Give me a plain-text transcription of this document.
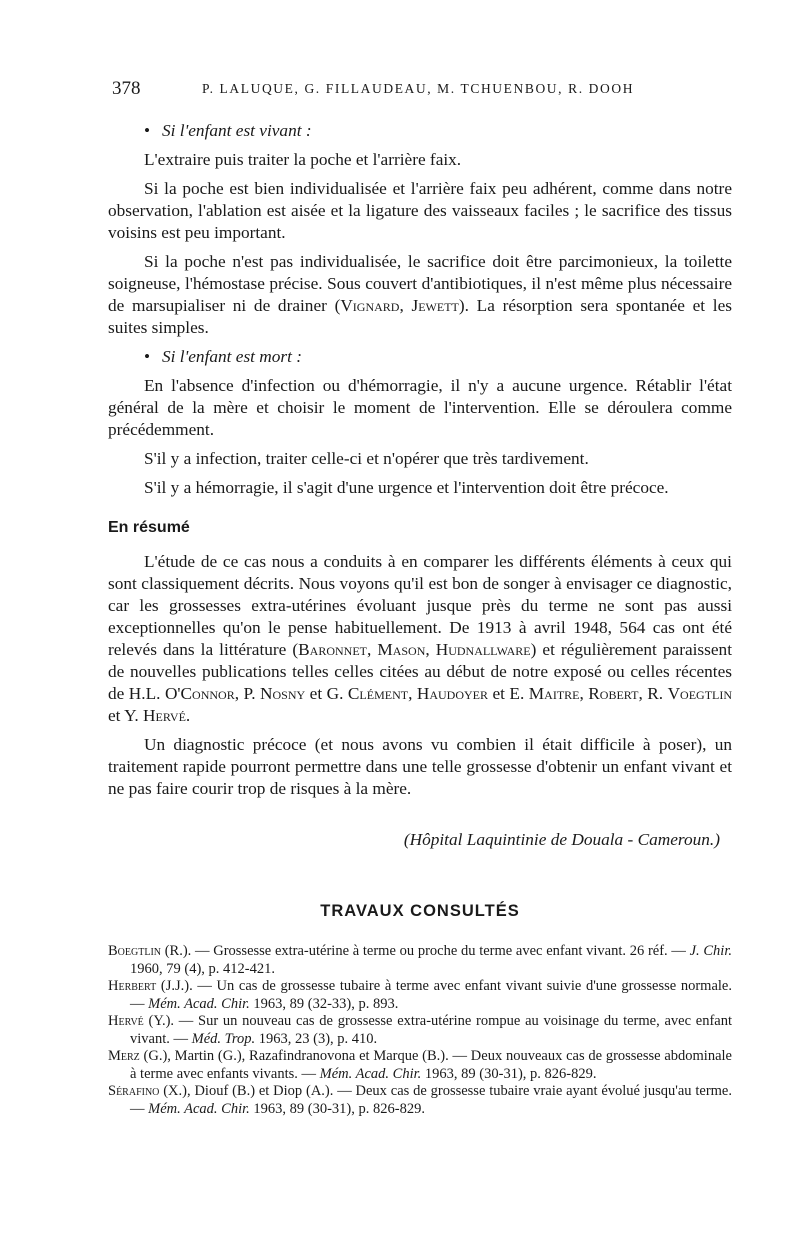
378	P. LALUQUE, G. FILLAUDEAU, M. TCHUENBOU, R. DOOH
• Si l'enfant est vivant :

L'extraire puis traiter la poche et l'arrière faix.

Si la poche est bien individualisée et l'arrière faix peu adhérent, comme dans notre observation, l'ablation est aisée et la ligature des vaisseaux faciles ; le sacrifice des tissus voisins est peu important.

Si la poche n'est pas individualisée, le sacrifice doit être parcimonieux, la toilette soigneuse, l'hémostase précise. Sous couvert d'antibiotiques, il n'est même plus nécessaire de marsupialiser ni de drainer (Vignard, Jewett). La résorption sera spontanée et les suites simples.

• Si l'enfant est mort :

En l'absence d'infection ou d'hémorragie, il n'y a aucune urgence. Rétablir l'état général de la mère et choisir le moment de l'intervention. Elle se déroulera comme précédemment.

S'il y a infection, traiter celle-ci et n'opérer que très tardivement.

S'il y a hémorragie, il s'agit d'une urgence et l'intervention doit être précoce.

En résumé

L'étude de ce cas nous a conduits à en comparer les différents éléments à ceux qui sont classiquement décrits. Nous voyons qu'il est bon de songer à envisager ce diagnostic, car les grossesses extra-utérines évoluant jusque près du terme ne sont pas aussi exceptionnelles qu'on le pense habituellement. De 1913 à avril 1948, 564 cas ont été relevés dans la littérature (Baronnet, Mason, Hudnallware) et régulièrement paraissent de nouvelles publications telles celles citées au début de notre exposé ou celles récentes de H.L. O'Connor, P. Nosny et G. Clément, Haudoyer et E. Maitre, Robert, R. Voegtlin et Y. Hervé.

Un diagnostic précoce (et nous avons vu combien il était difficile à poser), un traitement rapide pourront permettre dans une telle grossesse d'obtenir un enfant vivant et ne pas faire courir trop de risques à la mère.

(Hôpital Laquintinie de Douala - Cameroun.)
TRAVAUX CONSULTÉS

Boegtlin (R.). — Grossesse extra-utérine à terme ou proche du terme avec enfant vivant. 26 réf. — J. Chir. 1960, 79 (4), p. 412-421.

Herbert (J.J.). — Un cas de grossesse tubaire à terme avec enfant vivant suivie d'une grossesse normale. — Mém. Acad. Chir. 1963, 89 (32-33), p. 893.

Hervé (Y.). — Sur un nouveau cas de grossesse extra-utérine rompue au voisinage du terme, avec enfant vivant. — Méd. Trop. 1963, 23 (3), p. 410.

Merz (G.), Martin (G.), Razafindranovona et Marque (B.). — Deux nouveaux cas de grossesse abdominale à terme avec enfants vivants. — Mém. Acad. Chir. 1963, 89 (30-31), p. 826-829.

Sérafino (X.), Diouf (B.) et Diop (A.). — Deux cas de grossesse tubaire vraie ayant évolué jusqu'au terme. — Mém. Acad. Chir. 1963, 89 (30-31), p. 826-829.
